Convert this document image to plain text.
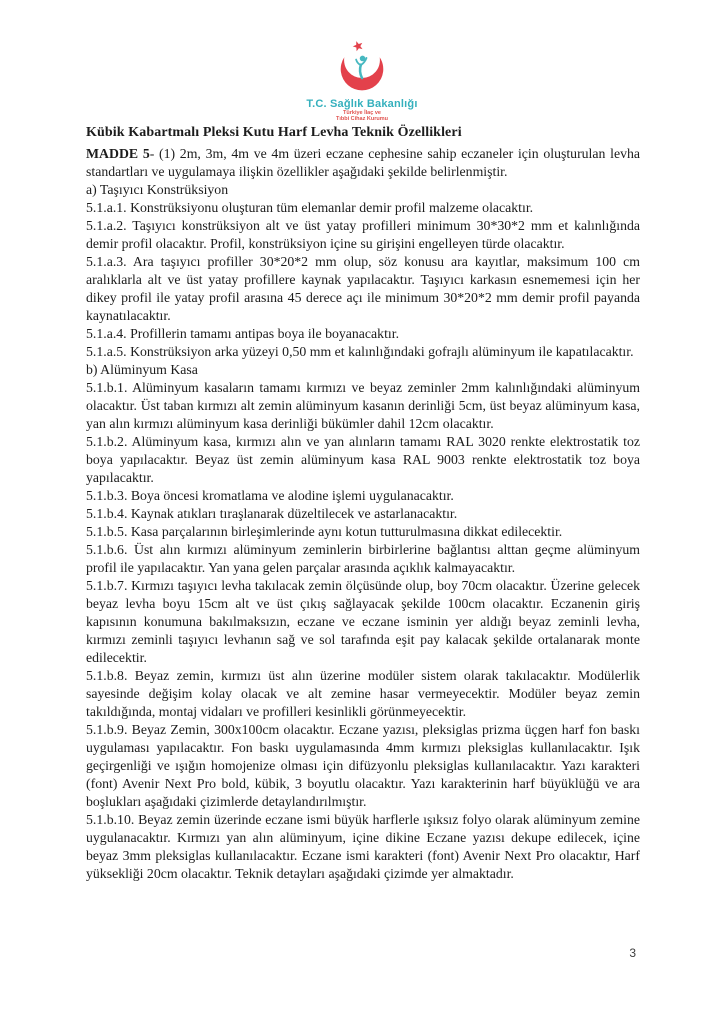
T.C. Sağlık Bakanlığı
Türkiye İlaç ve
Tıbbi Cihaz Kurumu
Kübik Kabartmalı Pleksi Kutu Harf Levha Teknik Özellikleri

MADDE 5- (1) 2m, 3m, 4m ve 4m üzeri eczane cephesine sahip eczaneler için oluşturulan levha standartları ve uygulamaya ilişkin özellikler aşağıdaki şekilde belirlenmiştir.

a) Taşıyıcı Konstrüksiyon

5.1.a.1. Konstrüksiyonu oluşturan tüm elemanlar demir profil malzeme olacaktır.

5.1.a.2. Taşıyıcı konstrüksiyon alt ve üst yatay profilleri minimum 30*30*2 mm et kalınlığında demir profil olacaktır. Profil, konstrüksiyon içine su girişini engelleyen türde olacaktır.

5.1.a.3. Ara taşıyıcı profiller 30*20*2 mm olup, söz konusu ara kayıtlar, maksimum 100 cm aralıklarla alt ve üst yatay profillere kaynak yapılacaktır. Taşıyıcı karkasın esnememesi için her dikey profil ile yatay profil arasına 45 derece açı ile minimum 30*20*2 mm demir profil payanda kaynatılacaktır.

5.1.a.4. Profillerin tamamı antipas boya ile boyanacaktır.

5.1.a.5. Konstrüksiyon arka yüzeyi 0,50 mm et kalınlığındaki gofrajlı alüminyum ile kapatılacaktır.

b) Alüminyum Kasa

5.1.b.1. Alüminyum kasaların tamamı kırmızı ve beyaz zeminler 2mm kalınlığındaki alüminyum olacaktır. Üst taban kırmızı alt zemin alüminyum kasanın derinliği 5cm, üst beyaz alüminyum kasa, yan alın kırmızı alüminyum kasa derinliği bükümler dahil 12cm olacaktır.

5.1.b.2. Alüminyum kasa, kırmızı alın ve yan alınların tamamı RAL 3020 renkte elektrostatik toz boya yapılacaktır. Beyaz üst zemin alüminyum kasa RAL 9003 renkte elektrostatik toz boya yapılacaktır.

5.1.b.3. Boya öncesi kromatlama ve alodine işlemi uygulanacaktır.

5.1.b.4. Kaynak atıkları tıraşlanarak düzeltilecek ve astarlanacaktır.

5.1.b.5. Kasa parçalarının birleşimlerinde aynı kotun tutturulmasına dikkat edilecektir.

5.1.b.6. Üst alın kırmızı alüminyum zeminlerin birbirlerine bağlantısı alttan geçme alüminyum profil ile yapılacaktır. Yan yana gelen parçalar arasında açıklık kalmayacaktır.

5.1.b.7. Kırmızı taşıyıcı levha takılacak zemin ölçüsünde olup, boy 70cm olacaktır. Üzerine gelecek beyaz levha boyu 15cm alt ve üst çıkış sağlayacak şekilde 100cm olacaktır. Eczanenin giriş kapısının konumuna bakılmaksızın, eczane ve eczane isminin yer aldığı beyaz zeminli levha, kırmızı zeminli taşıyıcı levhanın sağ ve sol tarafında eşit pay kalacak şekilde ortalanarak monte edilecektir.

5.1.b.8. Beyaz zemin, kırmızı üst alın üzerine modüler sistem olarak takılacaktır. Modülerlik sayesinde değişim kolay olacak ve alt zemine hasar vermeyecektir. Modüler beyaz zemin takıldığında, montaj vidaları ve profilleri kesinlikli görünmeyecektir.

5.1.b.9. Beyaz Zemin, 300x100cm olacaktır. Eczane yazısı, pleksiglas prizma üçgen harf fon baskı uygulaması yapılacaktır. Fon baskı uygulamasında 4mm kırmızı pleksiglas kullanılacaktır. Işık geçirgenliği ve ışığın homojenize olması için difüzyonlu pleksiglas kullanılacaktır. Yazı karakteri (font) Avenir Next Pro bold, kübik, 3 boyutlu olacaktır. Yazı karakterinin harf büyüklüğü ve ara boşlukları aşağıdaki çizimlerde detaylandırılmıştır.

5.1.b.10. Beyaz zemin üzerinde eczane ismi büyük harflerle ışıksız folyo olarak alüminyum zemine uygulanacaktır. Kırmızı yan alın alüminyum, içine dikine Eczane yazısı dekupe edilecek, içine beyaz 3mm pleksiglas kullanılacaktır. Eczane ismi karakteri (font) Avenir Next Pro olacaktır, Harf yüksekliği 20cm olacaktır. Teknik detayları aşağıdaki çizimde yer almaktadır.

3
